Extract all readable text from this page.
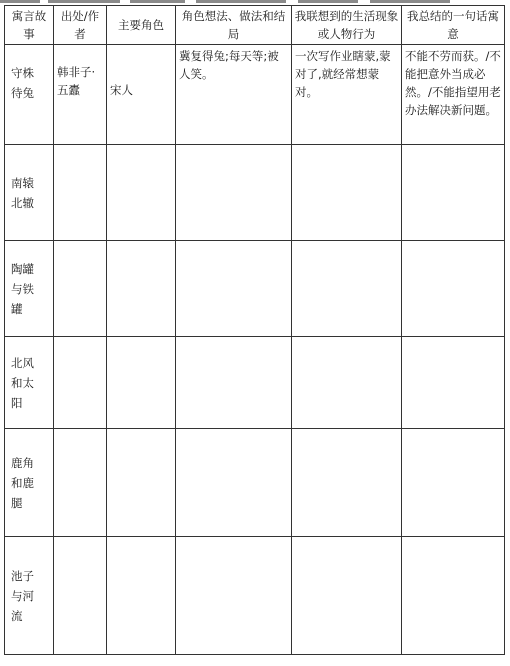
寓言故事	出处/作者	主要角色	角色想法、做法和结局	我联想到的生活现象或人物行为	我总结的一句话寓意

守株待兔	韩非子·五蠹	宋人	冀复得兔;每天等;被人笑。	一次写作业瞎蒙,蒙对了,就经常想蒙对。	不能不劳而获。/不能把意外当成必然。/不能指望用老办法解决新问题。

南辕北辙					

陶罐与铁罐					

北风和太阳					

鹿角和鹿腿					

池子与河流					
